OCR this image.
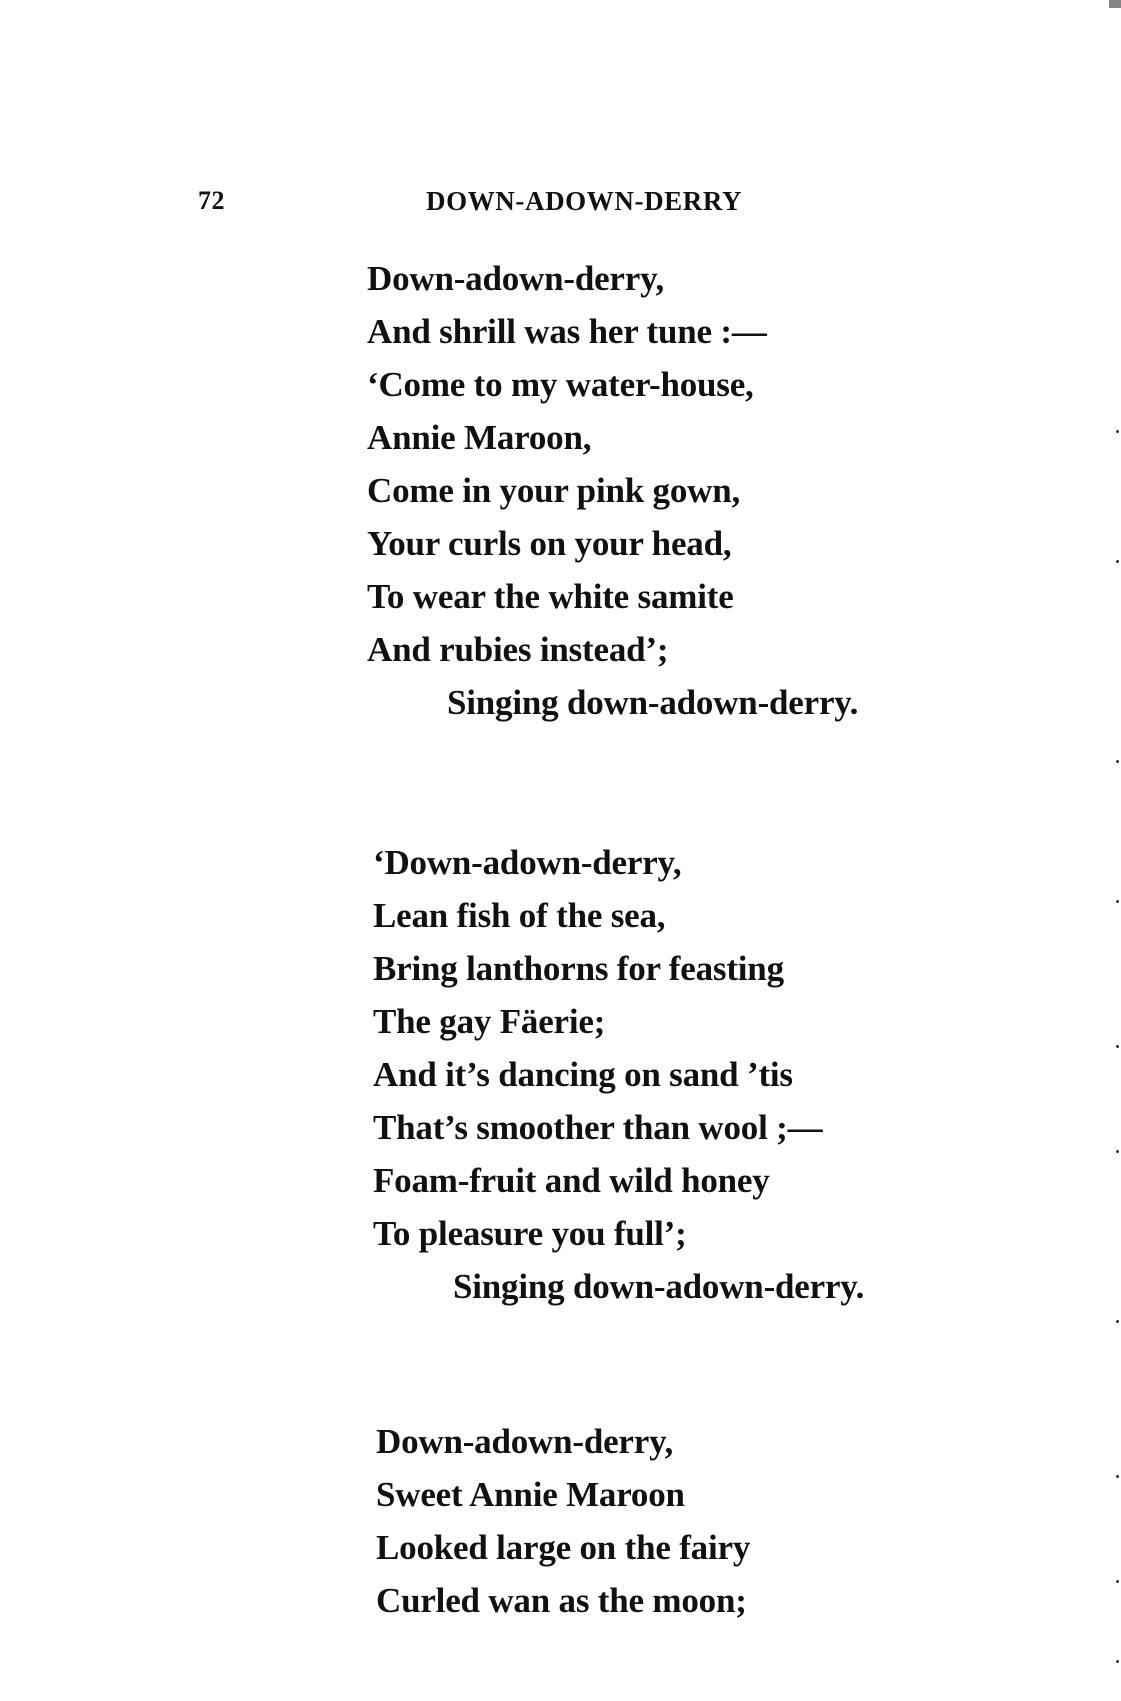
72	DOWN-ADOWN-DERRY
Down-adown-derry,
And shrill was her tune :—
‘Come to my water-house,
Annie Maroon,
Come in your pink gown,
Your curls on your head,
To wear the white samite
And rubies instead’;
Singing down-adown-derry.
‘Down-adown-derry,
Lean fish of the sea,
Bring lanthorns for feasting
The gay Fäerie;
And it’s dancing on sand ’tis
That’s smoother than wool ;—
Foam-fruit and wild honey
To pleasure you full’;
Singing down-adown-derry.
Down-adown-derry,
Sweet Annie Maroon
Looked large on the fairy
Curled wan as the moon;
